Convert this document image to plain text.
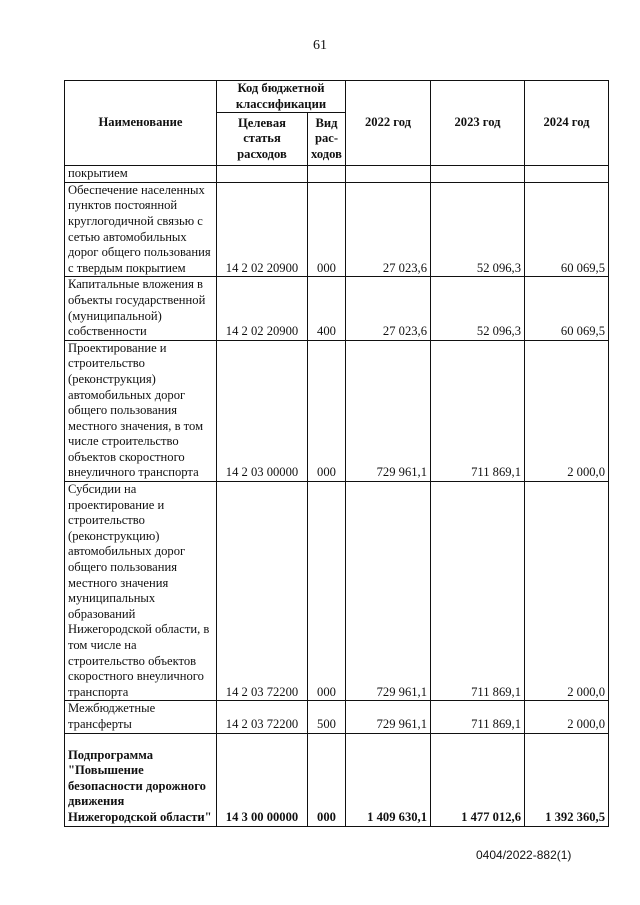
61
Наименование	Код бюджетной классификации		2022 год	2023 год	2024 год
	Целевая статья расходов	Вид рас-ходов			
покрытием					
Обеспечение населенных пунктов постоянной круглогодичной связью с сетью автомобильных дорог общего пользования с твердым покрытием	14 2 02 20900	000	27 023,6	52 096,3	60 069,5
Капитальные вложения в объекты государственной (муниципальной) собственности	14 2 02 20900	400	27 023,6	52 096,3	60 069,5
Проектирование и строительство (реконструкция) автомобильных дорог общего пользования местного значения, в том числе строительство объектов скоростного внеуличного транспорта	14 2 03 00000	000	729 961,1	711 869,1	2 000,0
Субсидии на проектирование и строительство (реконструкцию) автомобильных дорог общего пользования местного значения муниципальных образований Нижегородской области, в том числе на строительство объектов скоростного внеуличного транспорта	14 2 03 72200	000	729 961,1	711 869,1	2 000,0
Межбюджетные трансферты	14 2 03 72200	500	729 961,1	711 869,1	2 000,0
Подпрограмма "Повышение безопасности дорожного движения Нижегородской области"	14 3 00 00000	000	1 409 630,1	1 477 012,6	1 392 360,5
0404/2022-882(1)
